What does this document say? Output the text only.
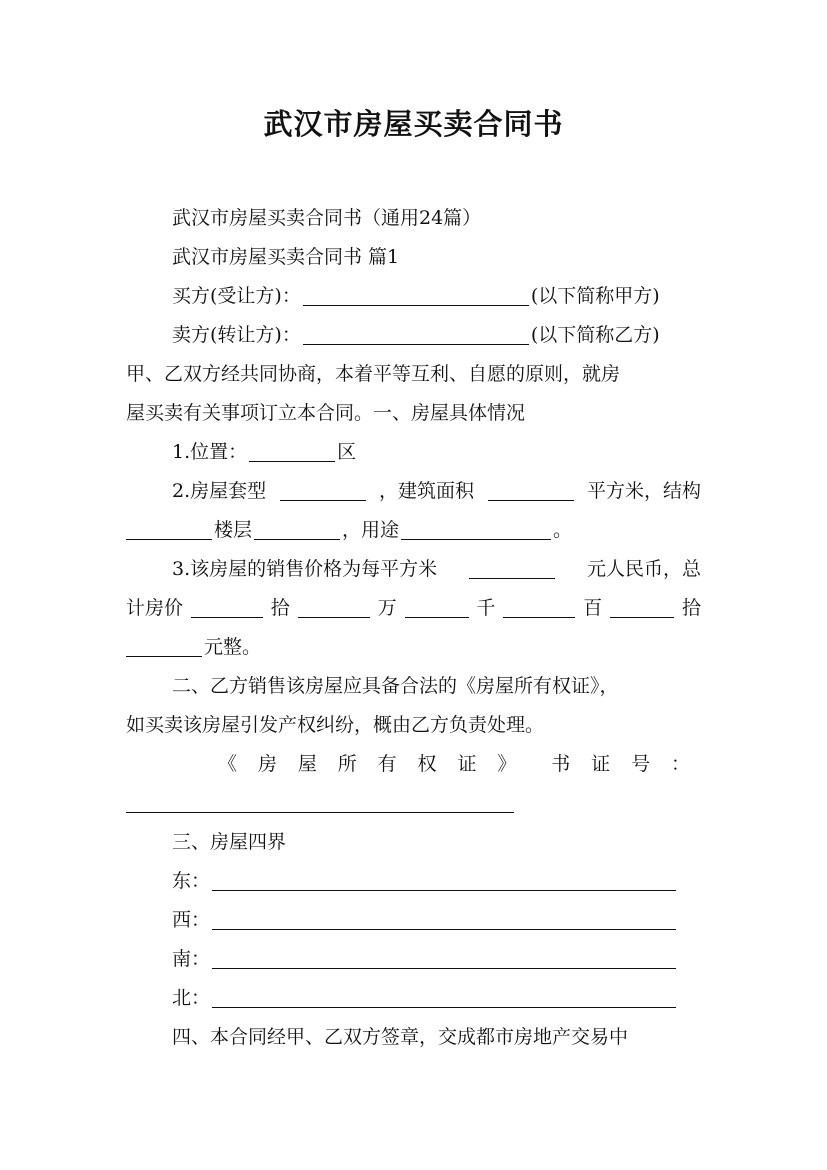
武汉市房屋买卖合同书
武汉市房屋买卖合同书（通用24篇）
武汉市房屋买卖合同书 篇1
买方(受让方)：	(以下简称甲方)
卖方(转让方)：	(以下简称乙方)
甲、乙双方经共同协商，本着平等互利、自愿的原则，就房
屋买卖有关事项订立本合同。一、房屋具体情况
1.位置：	区
2.房屋套型	，建筑面积	平方米，结构
楼层	，用途	。
3.该房屋的销售价格为每平方米	元人民币，总
计房价	拾	万	千	百	拾
元整。
二、乙方销售该房屋应具备合法的《房屋所有权证》，
如买卖该房屋引发产权纠纷，概由乙方负责处理。
《 房 屋 所 有 权 证 》 书 证 号 ：
三、房屋四界
东：
西：
南：
北：
四、本合同经甲、乙双方签章，交成都市房地产交易中
